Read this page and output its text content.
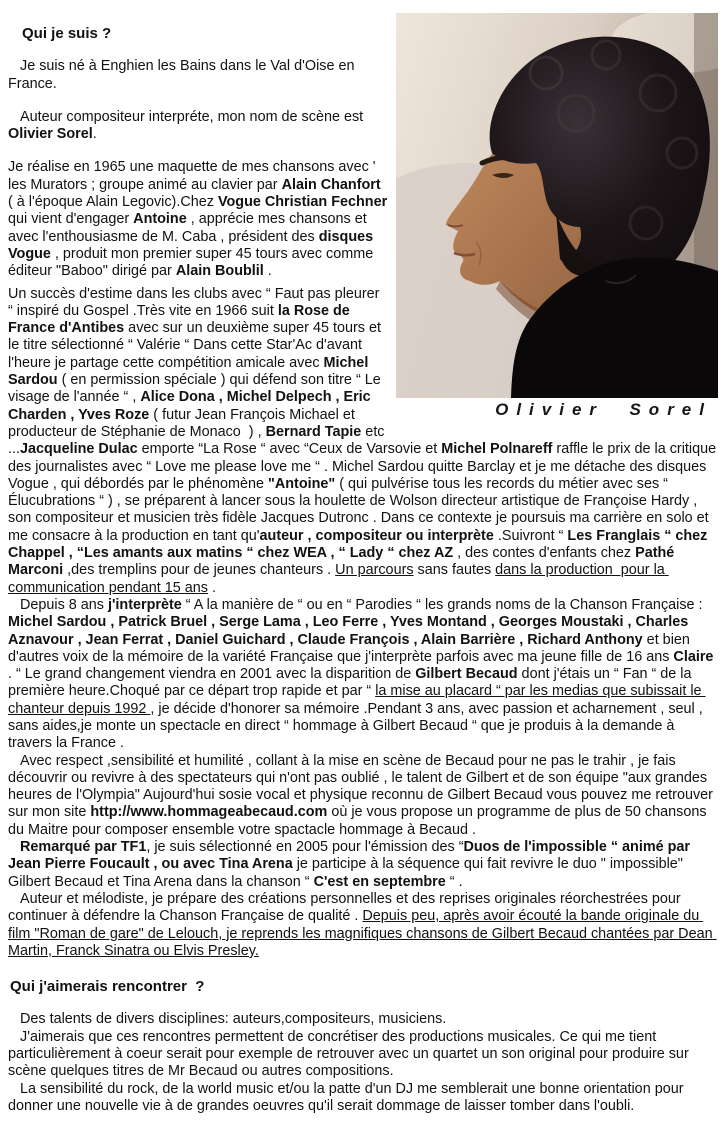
Olivier  Sorel
Qui je suis ?

Je suis né à Enghien les Bains dans le Val d'Oise en France.

Auteur compositeur interpréte, mon nom de scène est Olivier Sorel.

Je réalise en 1965 une maquette de mes chansons avec ' les Murators ; groupe animé au clavier par Alain Chanfort ( à l'époque Alain Legovic).Chez Vogue Christian Fechner qui vient d'engager Antoine , apprécie mes chansons et avec l'enthousiasme de M. Caba , président des disques Vogue , produit mon premier super 45 tours avec comme éditeur "Baboo" dirigé par Alain Boublil .

Un succès d'estime dans les clubs avec “ Faut pas pleurer “ inspiré du Gospel .Très vite en 1966 suit la Rose de France d'Antibes avec sur un deuxième super 45 tours et le titre sélectionné “ Valérie “ Dans cette Star'Ac d'avant l'heure je partage cette compétition amicale avec Michel Sardou ( en permission spéciale ) qui défend son titre “ Le visage de l'année “ , Alice Dona , Michel Delpech , Eric Charden , Yves Roze ( futur Jean François Michael et producteur de Stéphanie de Monaco  ) , Bernard Tapie etc ...Jacqueline Dulac emporte “La Rose “ avec “Ceux de Varsovie et Michel Polnareff raffle le prix de la critique des journalistes avec “ Love me please love me “ . Michel Sardou quitte Barclay et je me détache des disques Vogue , qui débordés par le phénomène "Antoine" ( qui pulvérise tous les records du métier avec ses “ Élucubrations “ ) , se préparent à lancer sous la houlette de Wolson directeur artistique de Françoise Hardy , son compositeur et musicien très fidèle Jacques Dutronc . Dans ce contexte je poursuis ma carrière en solo et me consacre à la production en tant qu'auteur , compositeur ou interprète .Suivront “ Les Franglais “ chez Chappel , “Les amants aux matins “ chez WEA , “ Lady “ chez AZ , des contes d'enfants chez Pathé Marconi ,des tremplins pour de jeunes chanteurs . Un parcours sans fautes dans la production  pour la communication pendant 15 ans .

Depuis 8 ans j'interprète “ A la manière de “ ou en “ Parodies “ les grands noms de la Chanson Française : Michel Sardou , Patrick Bruel , Serge Lama , Leo Ferre , Yves Montand , Georges Moustaki , Charles Aznavour , Jean Ferrat , Daniel Guichard , Claude François , Alain Barrière , Richard Anthony et bien d'autres voix de la mémoire de la variété Française que j'interprète parfois avec ma jeune fille de 16 ans Claire . “ Le grand changement viendra en 2001 avec la disparition de Gilbert Becaud dont j'étais un “ Fan “ de la première heure.Choqué par ce départ trop rapide et par “ la mise au placard “ par les medias que subissait le chanteur depuis 1992 , je décide d'honorer sa mémoire .Pendant 3 ans, avec passion et acharnement , seul , sans aides,je monte un spectacle en direct “ hommage à Gilbert Becaud “ que je produis à la demande à travers la France .

Avec respect ,sensibilité et humilité , collant à la mise en scène de Becaud pour ne pas le trahir , je fais découvrir ou revivre à des spectateurs qui n'ont pas oublié , le talent de Gilbert et de son équipe "aux grandes heures de l'Olympia" Aujourd'hui sosie vocal et physique reconnu de Gilbert Becaud vous pouvez me retrouver sur mon site http://www.hommageabecaud.com où je vous propose un programme de plus de 50 chansons du Maitre pour composer ensemble votre spactacle hommage à Becaud .

Remarqué par TF1, je suis sélectionné en 2005 pour l'émission des “Duos de l'impossible “ animé par Jean Pierre Foucault , ou avec Tina Arena je participe à la séquence qui fait revivre le duo " impossible" Gilbert Becaud et Tina Arena dans la chanson “ C'est en septembre “ .

Auteur et mélodiste, je prépare des créations personnelles et des reprises originales réorchestrées pour continuer à défendre la Chanson Française de qualité . Depuis peu, après avoir écouté la bande originale du film "Roman de gare" de Lelouch, je reprends les magnifiques chansons de Gilbert Becaud chantées par Dean Martin, Franck Sinatra ou Elvis Presley.

Qui j'aimerais rencontrer  ?

Des talents de divers disciplines: auteurs,compositeurs, musiciens.

J'aimerais que ces rencontres permettent de concrétiser des productions musicales. Ce qui me tient particulièrement à coeur serait pour exemple de retrouver avec un quartet un son original pour produire sur scène quelques titres de Mr Becaud ou autres compositions.

La sensibilité du rock, de la world music et/ou la patte d'un DJ me semblerait une bonne orientation pour donner une nouvelle vie à de grandes oeuvres qu'il serait dommage de laisser tomber dans l'oubli.
